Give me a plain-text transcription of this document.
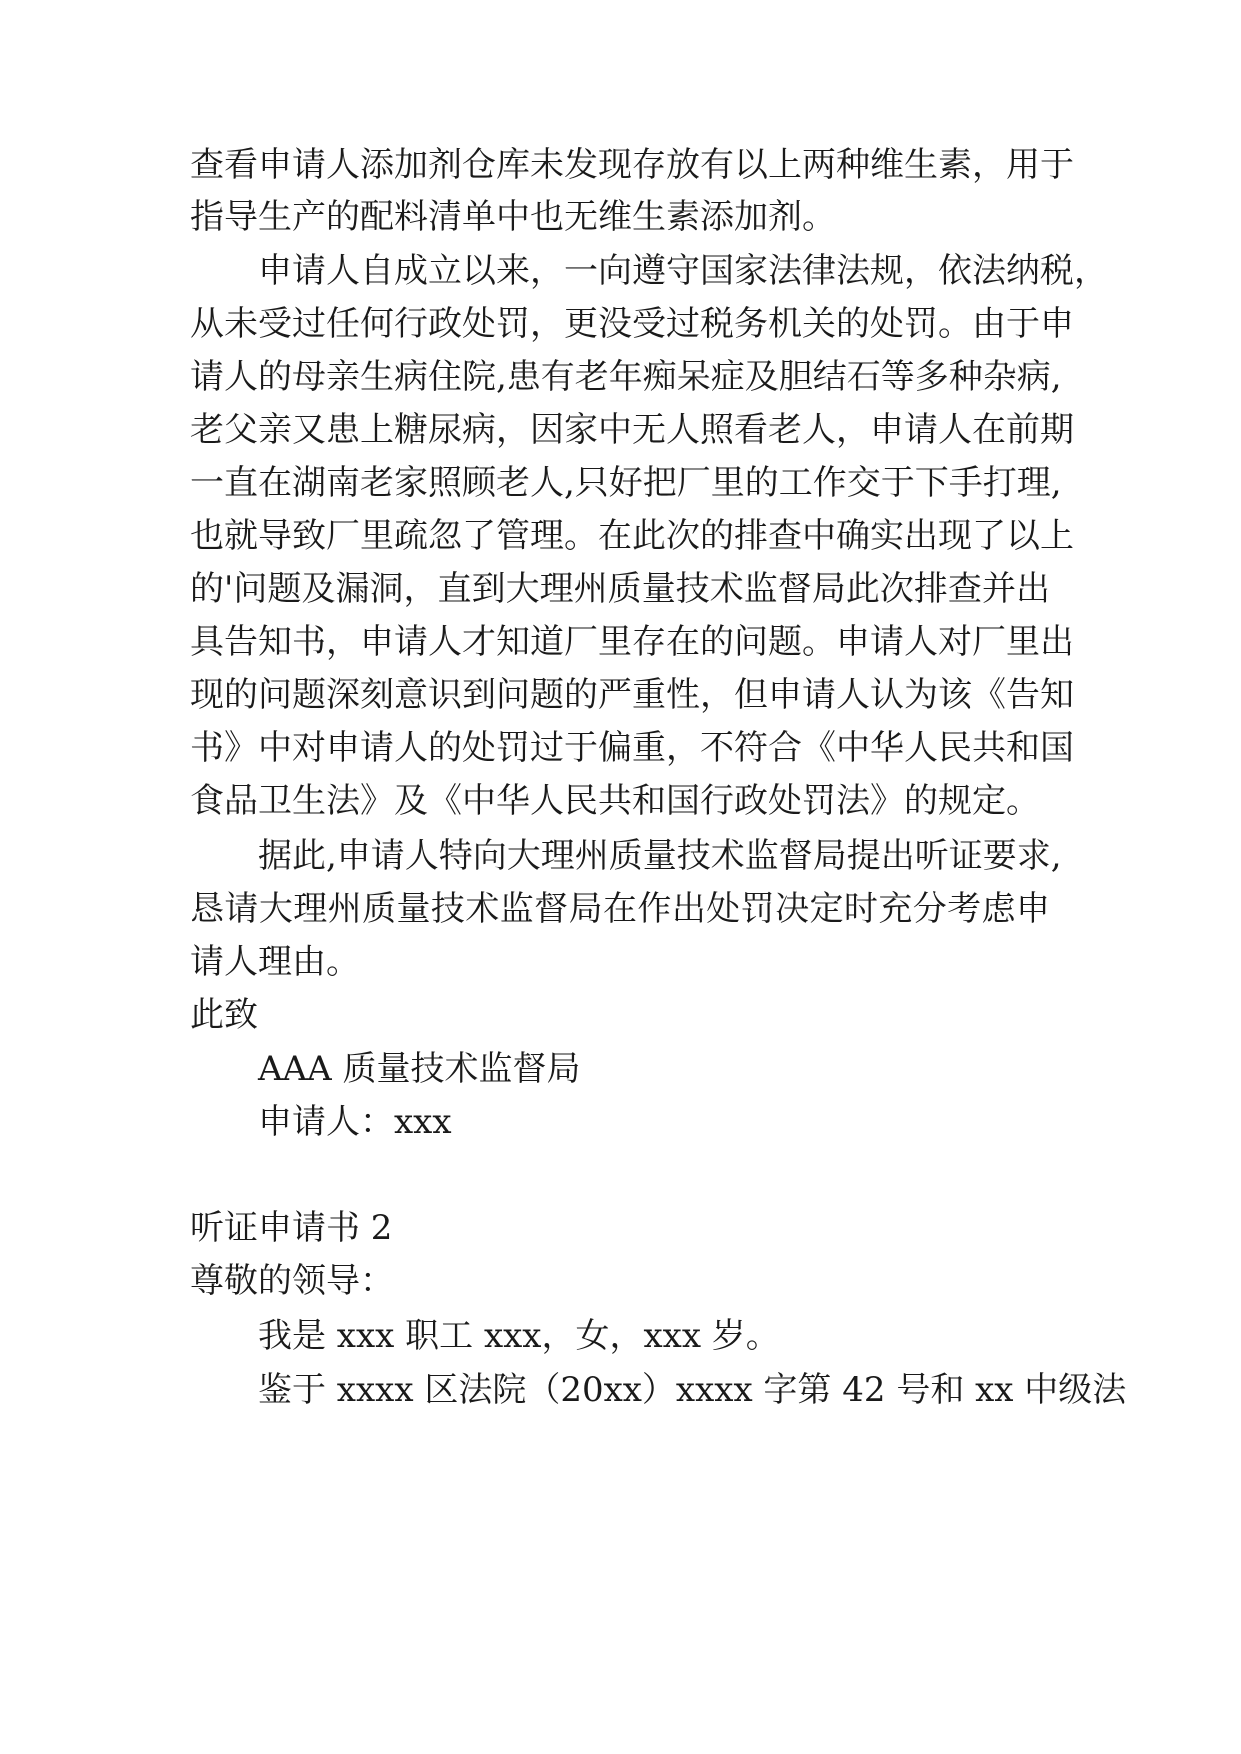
查看申请人添加剂仓库未发现存放有以上两种维生素，用于
指导生产的配料清单中也无维生素添加剂。
申请人自成立以来，一向遵守国家法律法规，依法纳税，
从未受过任何行政处罚，更没受过税务机关的处罚。由于申
请人的母亲生病住院,患有老年痴呆症及胆结石等多种杂病,
老父亲又患上糖尿病，因家中无人照看老人，申请人在前期
一直在湖南老家照顾老人,只好把厂里的工作交于下手打理,
也就导致厂里疏忽了管理。在此次的排查中确实出现了以上
的'问题及漏洞，直到大理州质量技术监督局此次排查并出
具告知书，申请人才知道厂里存在的问题。申请人对厂里出
现的问题深刻意识到问题的严重性，但申请人认为该《告知
书》中对申请人的处罚过于偏重，不符合《中华人民共和国
食品卫生法》及《中华人民共和国行政处罚法》的规定。
据此,申请人特向大理州质量技术监督局提出听证要求,
恳请大理州质量技术监督局在作出处罚决定时充分考虑申
请人理由。
此致
AAA 质量技术监督局
申请人：xxx
听证申请书 2
尊敬的领导：
我是 xxx 职工 xxx，女，xxx 岁。
鉴于 xxxx 区法院（20xx）xxxx 字第 42 号和 xx 中级法
